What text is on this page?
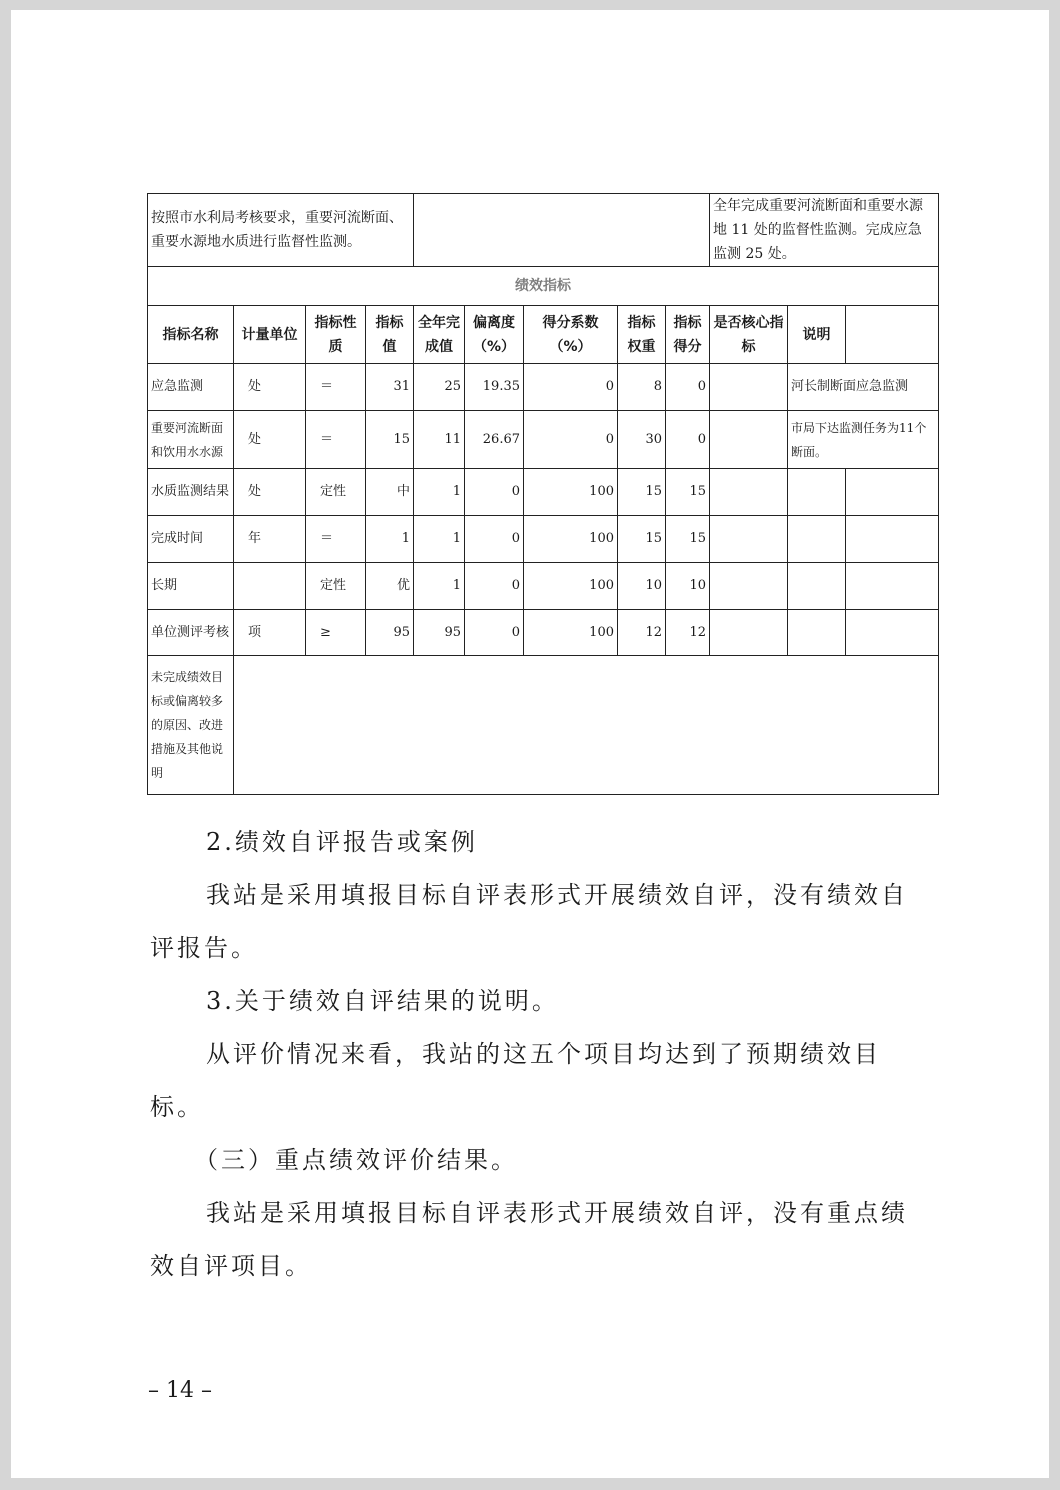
按照市水利局考核要求，重要河流断面、重要水源地水质进行监督性监测。									全年完成重要河流断面和重要水源地 11 处的监督性监测。完成应急监测 25 处。		
绩效指标											
指标名称	计量单位	指标性质	指标值	全年完成值	偏离度（%）	得分系数（%）	指标权重	指标得分	是否核心指标	说明	
应急监测	处	＝	31	25	19.35	0	8	0		河长制断面应急监测	
重要河流断面和饮用水水源	处	＝	15	11	26.67	0	30	0		市局下达监测任务为11个断面。	
水质监测结果	处	定性	中	1	0	100	15	15			
完成时间	年	＝	1	1	0	100	15	15			
长期		定性	优	1	0	100	10	10			
单位测评考核	项	≥	95	95	0	100	12	12			
未完成绩效目标或偏离较多的原因、改进措施及其他说明											

2.绩效自评报告或案例

我站是采用填报目标自评表形式开展绩效自评，没有绩效自评报告。

3.关于绩效自评结果的说明。

从评价情况来看，我站的这五个项目均达到了预期绩效目标。

（三）重点绩效评价结果。

我站是采用填报目标自评表形式开展绩效自评，没有重点绩效自评项目。

– 14 –
